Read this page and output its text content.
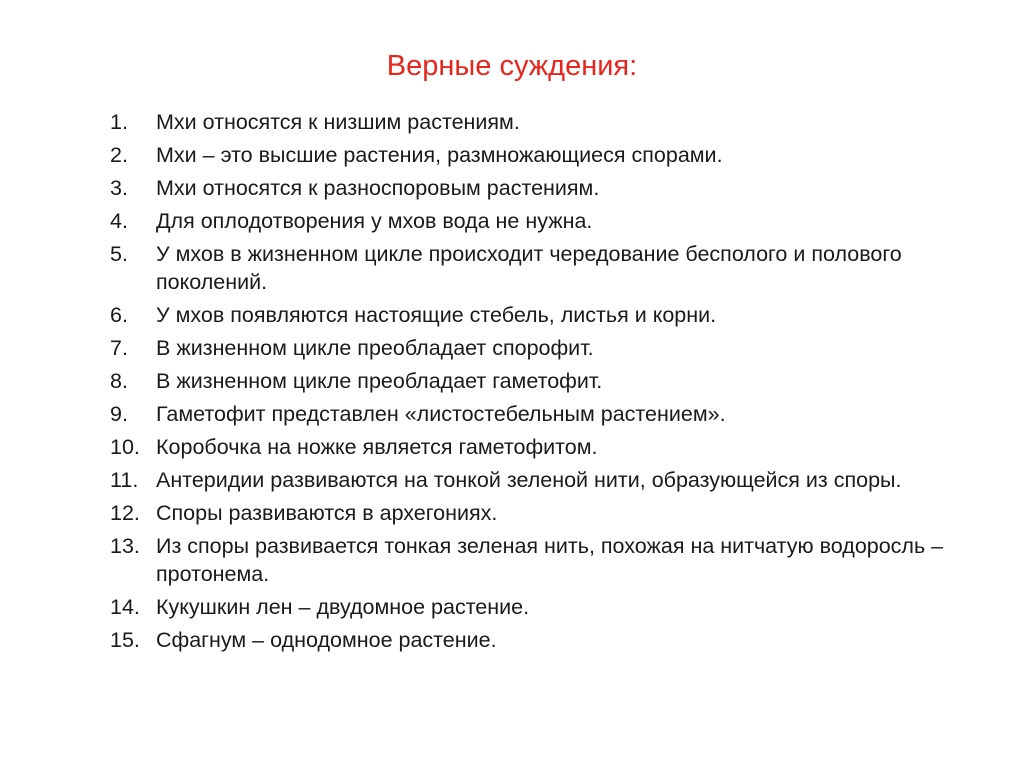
Верные суждения:
1.	Мхи относятся к низшим растениям.
2.	Мхи – это высшие растения, размножающиеся спорами.
3.	Мхи относятся к разноспоровым растениям.
4.	Для оплодотворения у мхов вода не нужна.
5.	У мхов в жизненном цикле происходит чередование бесполого и полового поколений.
6.	У мхов появляются настоящие стебель, листья и корни.
7.	В жизненном цикле преобладает спорофит.
8.	В жизненном цикле преобладает гаметофит.
9.	Гаметофит представлен «листостебельным растением».
10. Коробочка на ножке является гаметофитом.
11. Антеридии развиваются на тонкой зеленой нити, образующейся из споры.
12. Споры развиваются в архегониях.
13. Из споры развивается тонкая зеленая нить, похожая на нитчатую водоросль – протонема.
14. Кукушкин лен – двудомное растение.
15. Сфагнум – однодомное растение.
